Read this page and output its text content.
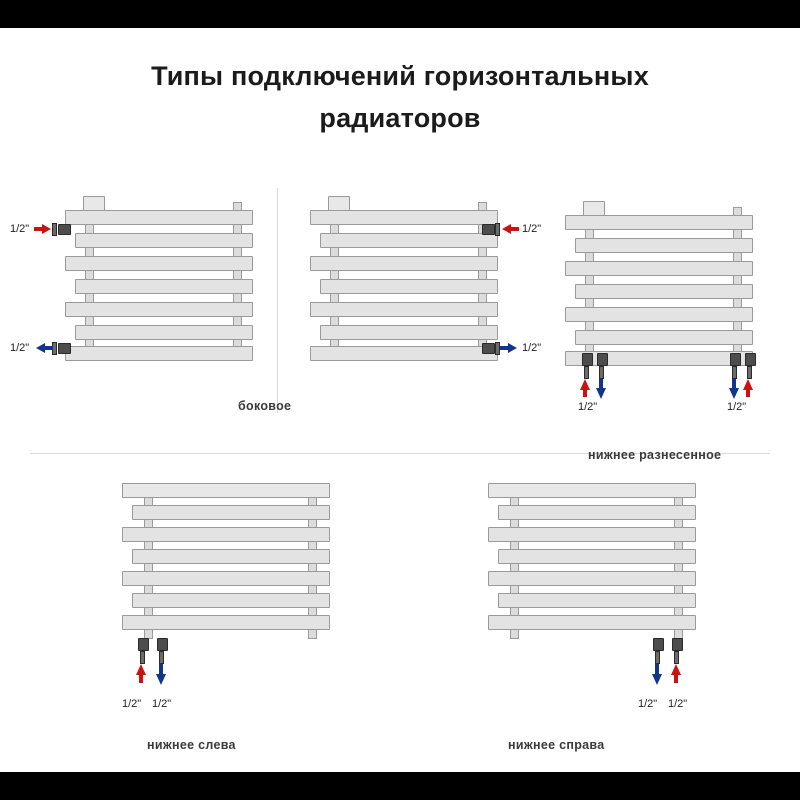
Типы подключений горизонтальных
радиаторов
1/2"
1/2"
боковое
1/2"
1/2"
1/2"	1/2"
нижнее разнесенное
1/2" 1/2"
нижнее слева
1/2" 1/2"
нижнее справа
